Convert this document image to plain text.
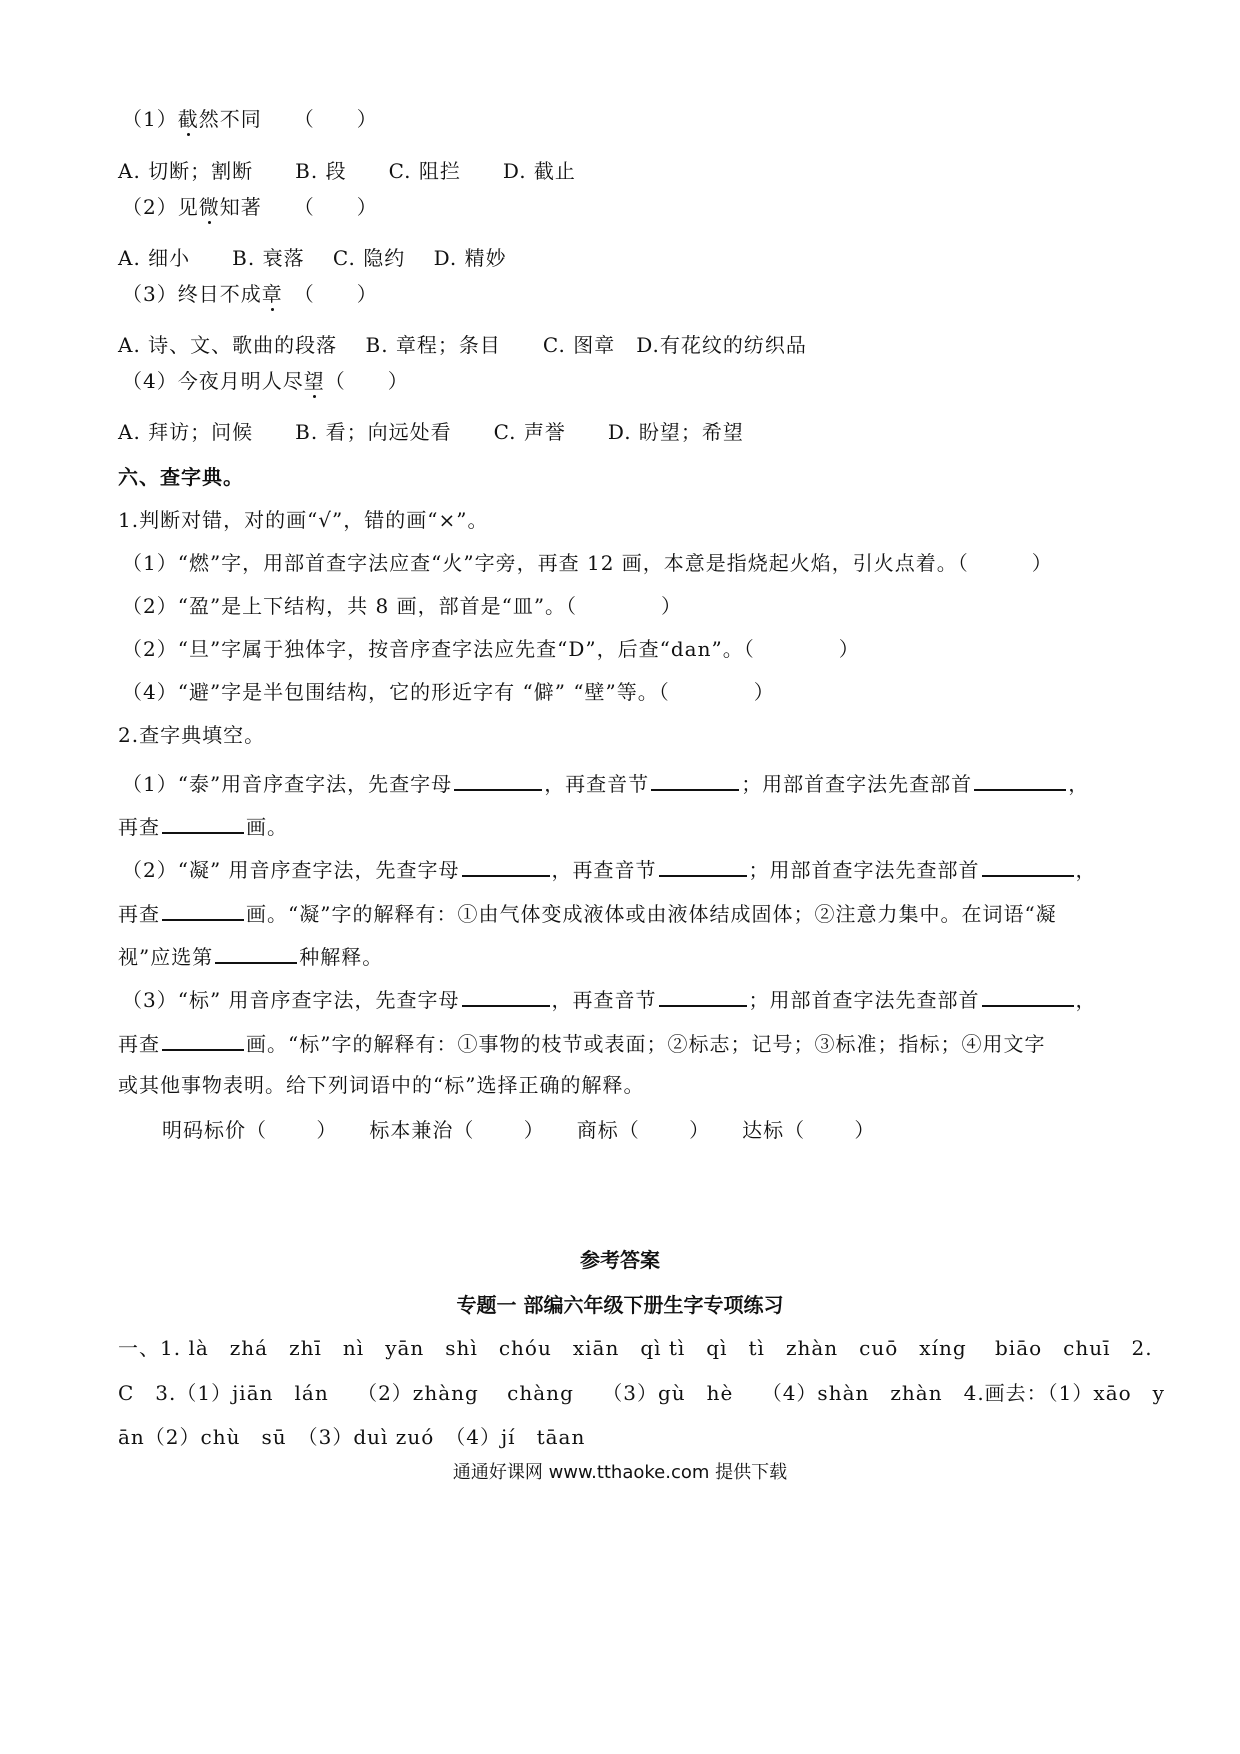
（1）截然不同　　 （　　）
A. 切断；割断　　B. 段　　C. 阻拦　　D. 截止
（2）见微知著　　 （　　）
A. 细小　　B. 衰落　 C. 隐约　 D. 精妙
（3）终日不成章　 （　　）
A. 诗、文、歌曲的段落　 B. 章程；条目　　C. 图章　D.有花纹的纺织品
（4）今夜月明人尽望（　　）
A. 拜访；问候　　B. 看；向远处看　　C. 声誉　　D. 盼望；希望
六、查字典。
1.判断对错，对的画“√”，错的画“×”。
（1）“燃”字，用部首查字法应查“火”字旁，再查 12 画，本意是指烧起火焰，引火点着。（　　　）
（2）“盈”是上下结构，共 8 画，部首是“皿”。（　　　　）
（2）“旦”字属于独体字，按音序查字法应先查“D”，后查“dan”。（　　　　）
（4）“避”字是半包围结构，它的形近字有 “僻” “壁”等。（　　　　）
2.查字典填空。
（1）“泰”用音序查字法，先查字母	，再查音节	；用部首查字法先查部首	，
再查	画。
（2）“凝” 用音序查字法，先查字母	，再查音节	；用部首查字法先查部首	，
再查	画。“凝”字的解释有：①由气体变成液体或由液体结成固体；②注意力集中。在词语“凝
视”应选第	种解释。
（3）“标” 用音序查字法，先查字母	，再查音节	；用部首查字法先查部首	，
再查	画。“标”字的解释有：①事物的枝节或表面；②标志；记号；③标准；指标；④用文字
或其他事物表明。给下列词语中的“标”选择正确的解释。
明码标价（　　 ）　　标本兼治（　　 ）　　商标（　　 ）　　达标（　　 ）
参考答案
专题一 部编六年级下册生字专项练习
一、1. là　zhá　zhī　nì　yān　shì　chóu　xiān　qì tì　qì　tì　zhàn　cuō　xíng　 biāo　chuī　2.
C　3.（1）jiān　lán　 （2）zhàng　 chàng　 （3）gù　hè　 （4）shàn　zhàn　4.画去：（1）xāo　y
ān（2）chù　sū　（3）duì zuó　（4）jí　tāan
通通好课网 www.tthaoke.com 提供下载
